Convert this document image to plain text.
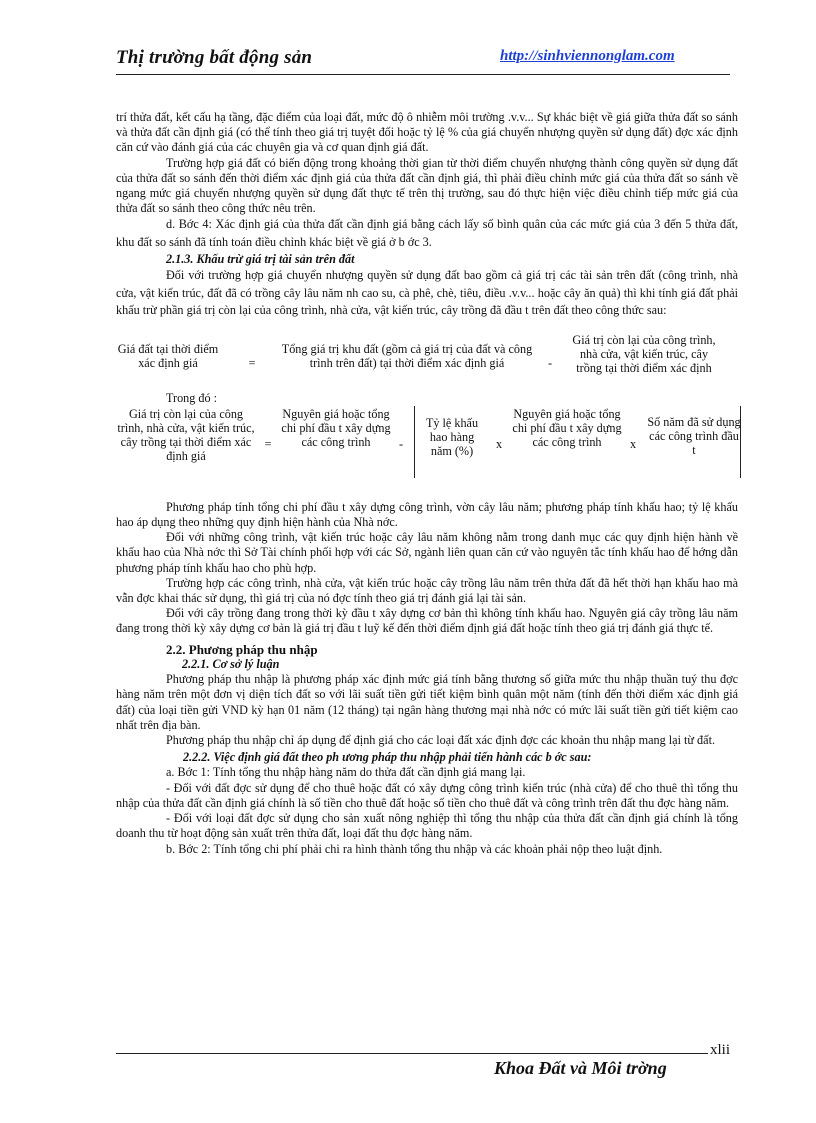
Thị trường bất động sản	http://sinhviennonglam.com

trí thửa đất, kết cấu hạ tầng, đặc điểm của loại đất, mức độ ô nhiễm môi trường .v.v... Sự khác biệt về giá giữa thửa đất so sánh và thửa đất cần định giá (có thể tính theo giá trị tuyệt đối hoặc tỷ lệ % của giá chuyển nhượng quyền sử dụng đất) đợc xác định căn cứ vào đánh giá của các chuyên gia và cơ quan định giá đất.

Trường hợp giá đất có biến động trong khoảng thời gian từ thời điểm chuyển nhượng thành công quyền sử dụng đất của thửa đất so sánh đến thời điểm xác định giá của thửa đất cần định giá, thì phải điều chỉnh mức giá của thửa đất so sánh về ngang mức giá chuyển nhượng quyền sử dụng đất thực tế trên thị trường, sau đó thực hiện việc điều chỉnh tiếp mức giá của thửa đất so sánh theo công thức nêu trên.

d. Bớc 4: Xác định giá của thửa đất cần định giá bằng cách lấy số bình quân của các mức giá của 3 đến 5 thửa đất, khu đất so sánh đã tính toán điều chỉnh khác biệt về giá ở b ớc 3.

2.1.3. Khấu trừ giá trị tài sản trên đất

Đối với trường hợp giá chuyển nhượng quyền sử dụng đất bao gồm cả giá trị các tài sản trên đất (công trình, nhà cửa, vật kiến trúc, đất đã có trồng cây lâu năm nh cao su, cà phê, chè, tiêu, điều .v.v... hoặc cây ăn quả) thì khi tính giá đất phải khấu trừ phần giá trị còn lại của công trình, nhà cửa, vật kiến trúc, cây trồng đã đầu t trên đất theo công thức sau:

Giá đất tại thời điểm xác định giá	=
Tổng giá trị khu đất (gồm cả giá trị của đất và công trình trên đất) tại thời điểm xác định giá	-
Giá trị còn lại của công trình, nhà cửa, vật kiến trúc, cây trồng tại thời điểm xác định

Trong đó :

Giá trị còn lại của công trình, nhà cửa, vật kiến trúc, cây trồng tại thời điểm xác định giá
=
Nguyên giá hoặc tổng chi phí đầu t xây dựng các công trình	-
Tỷ lệ khấu hao hàng năm (%)	x
Nguyên giá hoặc tổng chi phí đầu t xây dựng các công trình	x
Số năm đã sử dụng các công trình đầu t

Phương pháp tính tổng chi phí đầu t xây dựng công trình, vờn cây lâu năm; phương pháp tính khấu hao; tỷ lệ khấu hao áp dụng theo những quy định hiện hành của Nhà nớc.

Đối với những công trình, vật kiến trúc hoặc cây lâu năm không nằm trong danh mục các quy định hiện hành về khấu hao của Nhà nớc thì Sở Tài chính phối hợp với các Sở, ngành liên quan căn cứ vào nguyên tắc tính khấu hao để hớng dẫn phương pháp tính khấu hao cho phù hợp.

Trường hợp các công trình, nhà cửa, vật kiến trúc hoặc cây trồng lâu năm trên thửa đất đã hết thời hạn khấu hao mà vẫn đợc khai thác sử dụng, thì giá trị của nó đợc tính theo giá trị đánh giá lại tài sản.

Đối với cây trồng đang trong thời kỳ đầu t xây dựng cơ bản thì không tính khấu hao. Nguyên giá cây trồng lâu năm đang trong thời kỳ xây dựng cơ bản là giá trị đầu t luỹ kế đến thời điểm định giá đất hoặc tính theo giá trị đánh giá thực tế.

2.2. Phương pháp thu nhập

2.2.1. Cơ sở lý luận

Phương pháp thu nhập là phương pháp xác định mức giá tính bằng thương số giữa mức thu nhập thuần tuý thu đợc hàng năm trên một đơn vị diện tích đất so với lãi suất tiền gửi tiết kiệm bình quân một năm (tính đến thời điểm xác định giá đất) của loại tiền gửi VND kỳ hạn 01 năm (12 tháng) tại ngân hàng thương mại nhà nớc có mức lãi suất tiền gửi tiết kiệm cao nhất trên địa bàn.

Phương pháp thu nhập chỉ áp dụng để định giá cho các loại đất xác định đợc các khoản thu nhập mang lại từ đất.

2.2.2. Việc định giá đất theo ph ương pháp thu nhập phải tiến hành các b ớc sau:

a. Bớc 1: Tính tổng thu nhập hàng năm do thửa đất cần định giá mang lại.

- Đối với đất đợc sử dụng để cho thuê hoặc đất có xây dựng công trình kiến trúc (nhà cửa) để cho thuê thì tổng thu nhập của thửa đất cần định giá chính là số tiền cho thuê đất hoặc số tiền cho thuê đất và công trình trên đất thu đợc hàng năm.

- Đối với loại đất đợc sử dụng cho sản xuất nông nghiệp thì tổng thu nhập của thửa đất cần định giá chính là tổng doanh thu từ hoạt động sản xuất trên thửa đất, loại đất thu đợc hàng năm.

b. Bớc 2: Tính tổng chi phí phải chi ra hình thành tổng thu nhập và các khoản phải nộp theo luật định.

xlii
Khoa Đất và Môi trờng
